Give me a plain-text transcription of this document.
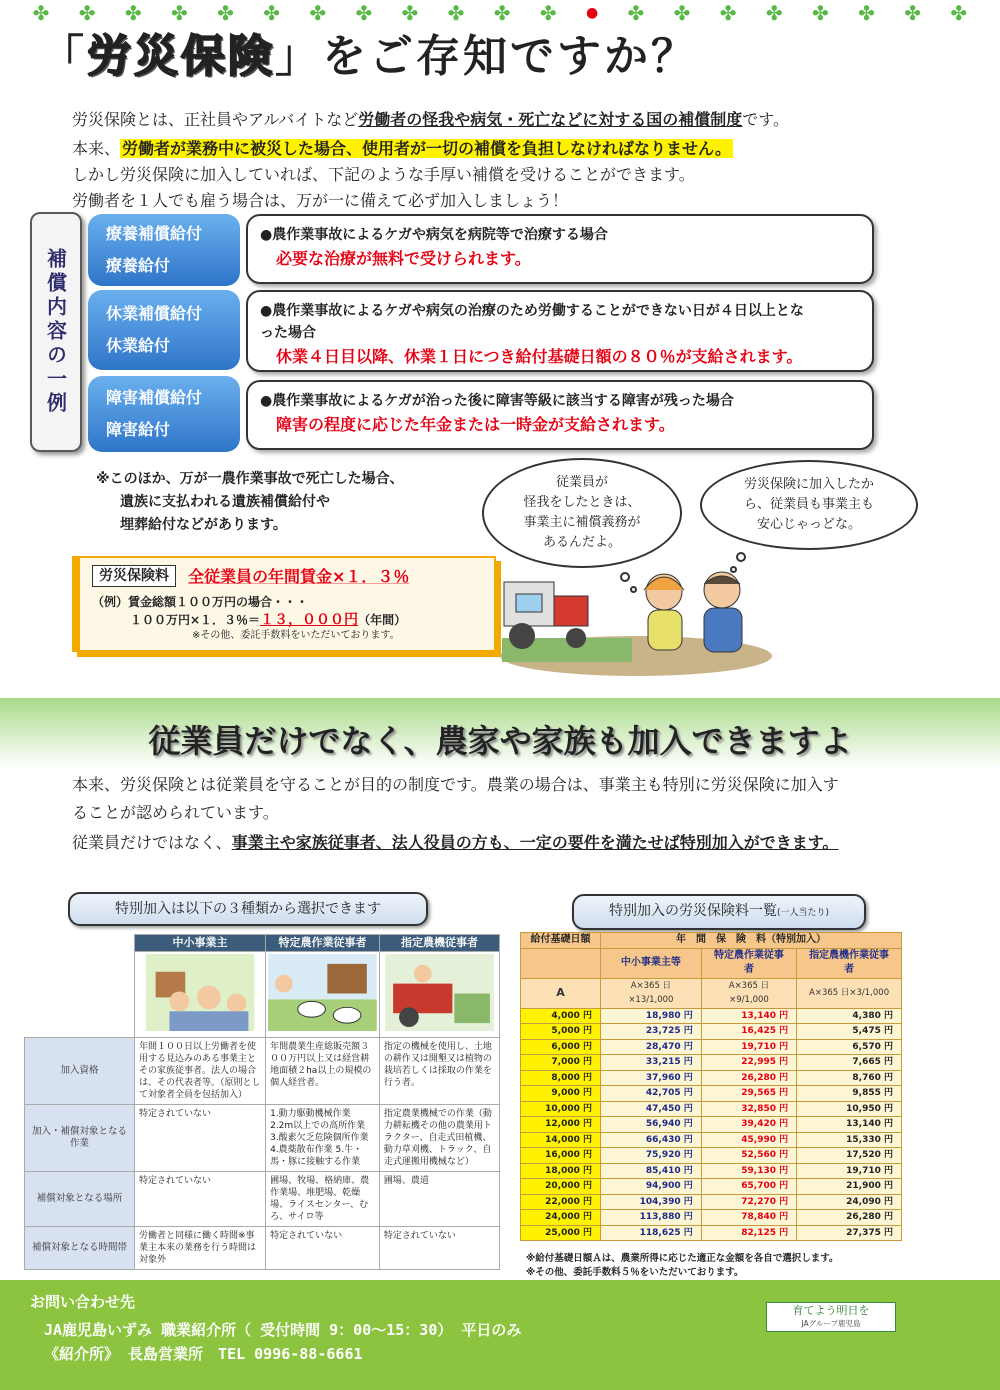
✤ ✤ ✤ ✤ ✤ ✤ ✤ ✤ ✤ ✤ ✤ ✤ ● ✤ ✤ ✤ ✤ ✤ ✤ ✤ ✤
「労災保険」をご存知ですか？
労災保険とは、正社員やアルバイトなど労働者の怪我や病気・死亡などに対する国の補償制度です。
本来、 労働者が業務中に被災した場合、使用者が一切の補償を負担しなければなりません。
しかし労災保険に加入していれば、下記のような手厚い補償を受けることができます。
労働者を１人でも雇う場合は、万が一に備えて必ず加入しましょう！
補償内容の一例
療養補償給付
療養給付
●農作業事故によるケガや病気を病院等で治療する場合
必要な治療が無料で受けられます。
休業補償給付
休業給付
●農作業事故によるケガや病気の治療のため労働することができない日が４日以上とな
った場合
休業４日目以降、休業１日につき給付基礎日額の８０％が支給されます。
障害補償給付
障害給付
●農作業事故によるケガが治った後に障害等級に該当する障害が残った場合
障害の程度に応じた年金または一時金が支給されます。
※このほか、万が一農作業事故で死亡した場合、
遺族に支払われる遺族補償給付や
埋葬給付などがあります。
労災保険料	全従業員の年間賃金×１．３％
（例）賃金総額１００万円の場合・・・
１００万円×１．３％＝１３，０００円（年間）
※その他、委託手数料をいただいております。
従業員が
怪我をしたときは、
事業主に補償義務が
あるんだよ。
労災保険に加入したか
ら、従業員も事業主も
安心じゃっどな。
従業員だけでなく、農家や家族も加入できますよ
本来、労災保険とは従業員を守ることが目的の制度です。農業の場合は、事業主も特別に労災保険に加入す
ることが認められています。
従業員だけではなく、事業主や家族従事者、法人役員の方も、一定の要件を満たせば特別加入ができます。
特別加入は以下の３種類から選択できます	特別加入の労災保険料一覧(一人当たり)
	中小事業主	特定農作業従事者	指定農機従事者

加入資格	年間１００日以上労働者を使用する見込みのある事業主とその家族従事者。法人の場合は、その代表者等。（原則として対象者全員を包括加入）	年間農業生産総販売額３００万円以上又は経営耕地面積２ha以上の規模の個人経営者。	指定の機械を使用し、土地の耕作又は開墾又は植物の栽培若しくは採取の作業を行う者。
加入・補償対象となる作業	特定されていない	1.動力駆動機械作業 2.2m以上での高所作業 3.酸素欠乏危険個所作業 4.農薬散布作業 5.牛・馬・豚に接触する作業	指定農業機械での作業（動力耕耘機その他の農業用トラクター、自走式田植機、動力草刈機、トラック、自走式運搬用機械など）
補償対象となる場所	特定されていない	圃場、牧場、格納庫、農作業場、堆肥場、乾燥場、ライスセンター、むろ、サイロ等	圃場、農道
補償対象となる時間帯	労働者と同様に働く時間※事業主本来の業務を行う時間は対象外	特定されていない	特定されていない
給付基礎日額	年　間　保　険　料（特別加入）		
	中小事業主等	特定農作業従事者	指定農機作業従事者
A	A×365 日×13/1,000	A×365 日×9/1,000	A×365 日×3/1,000
4,000 円	18,980 円	13,140 円	4,380 円
5,000 円	23,725 円	16,425 円	5,475 円
6,000 円	28,470 円	19,710 円	6,570 円
7,000 円	33,215 円	22,995 円	7,665 円
8,000 円	37,960 円	26,280 円	8,760 円
9,000 円	42,705 円	29,565 円	9,855 円
10,000 円	47,450 円	32,850 円	10,950 円
12,000 円	56,940 円	39,420 円	13,140 円
14,000 円	66,430 円	45,990 円	15,330 円
16,000 円	75,920 円	52,560 円	17,520 円
18,000 円	85,410 円	59,130 円	19,710 円
20,000 円	94,900 円	65,700 円	21,900 円
22,000 円	104,390 円	72,270 円	24,090 円
24,000 円	113,880 円	78,840 円	26,280 円
25,000 円	118,625 円	82,125 円	27,375 円
※給付基礎日額Ａは、農業所得に応じた適正な金額を各自で選択します。
※その他、委託手数料５％をいただいております。
お問い合わせ先
JA鹿児島いずみ 職業紹介所（ 受付時間 9：00～15：30） 平日のみ
《紹介所》 長島営業所　TEL 0996-88-6661
育てよう明日を
JAグループ鹿児島
